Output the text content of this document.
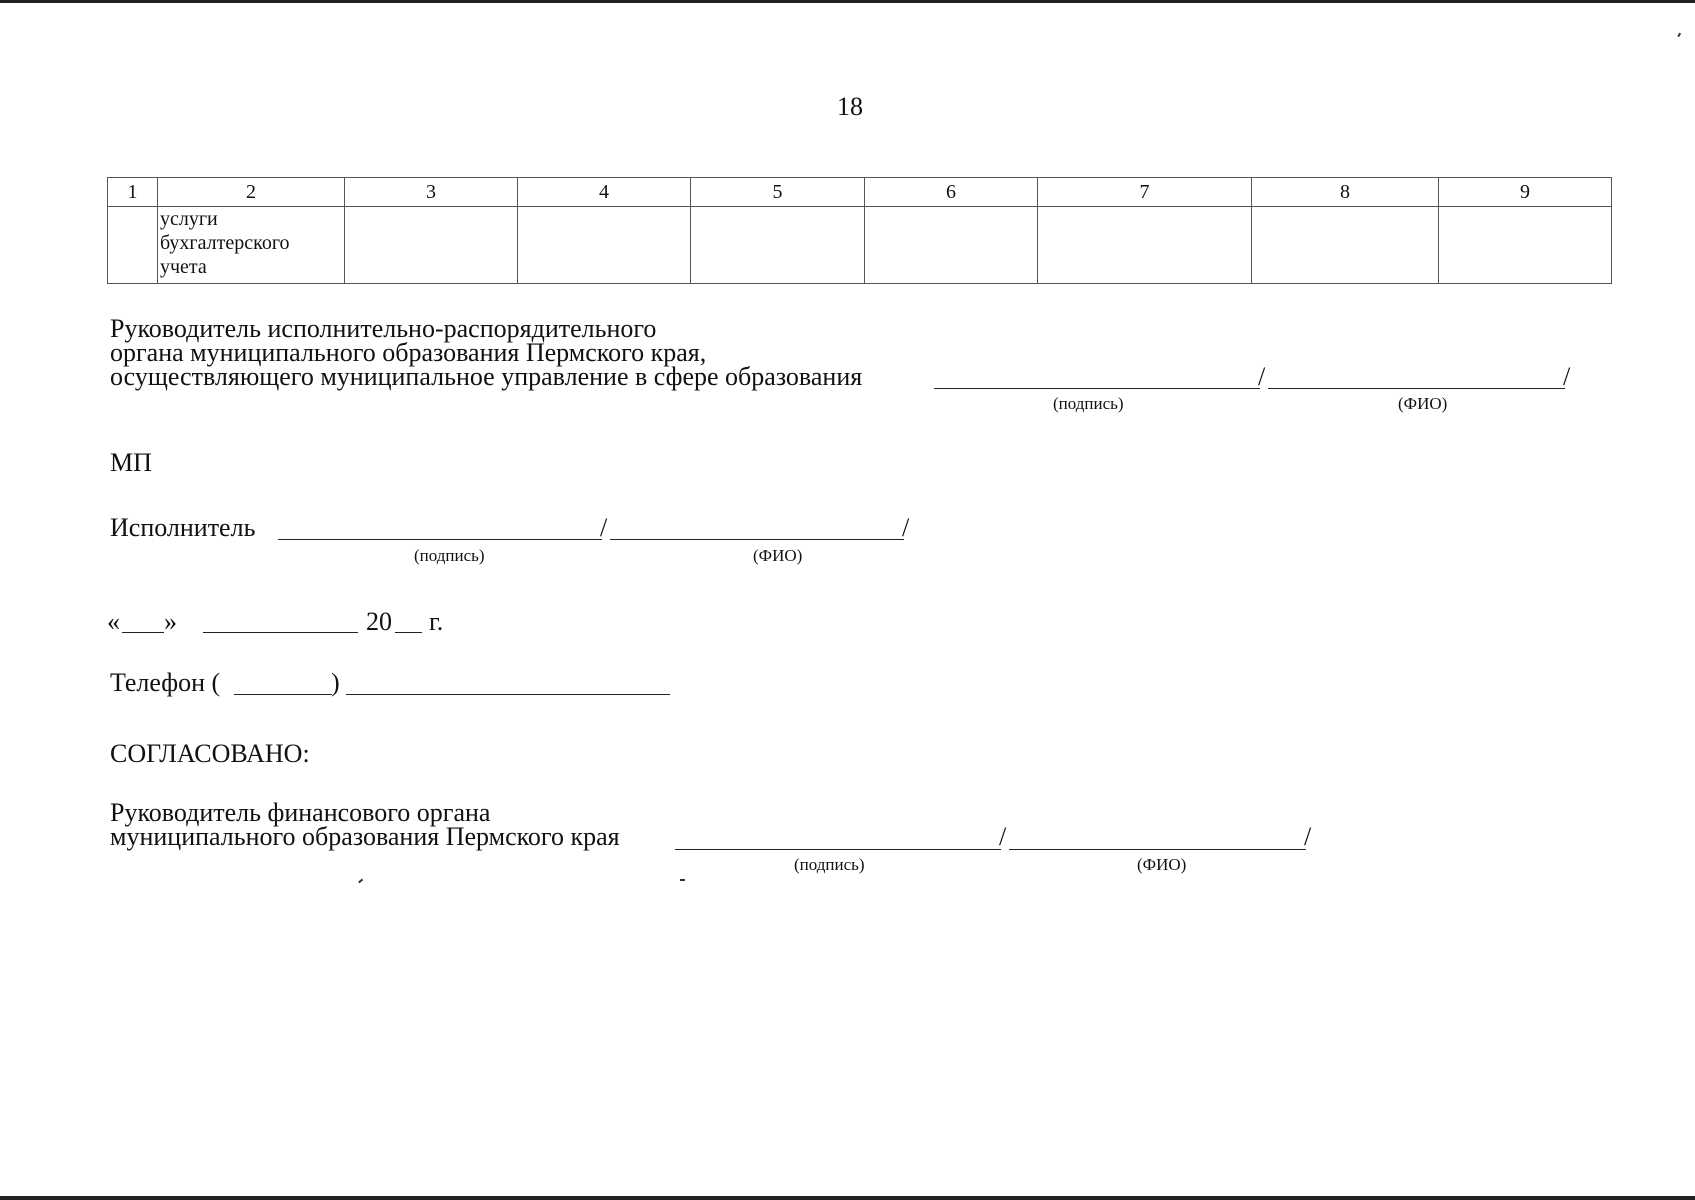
18
1	2	3	4	5	6	7	8	9

	услуги
бухгалтерского
учета							

Руководитель исполнительно-распорядительного
органа муниципального образования Пермского края,
осуществляющего муниципальное управление в сфере образования	/	/
(подпись)	(ФИО)
МП
Исполнитель	/	/
(подпись)	(ФИО)
« »	20 г.
Телефон (	)
СОГЛАСОВАНО:
Руководитель финансового органа
муниципального образования Пермского края	/	/
(подпись)	(ФИО)
